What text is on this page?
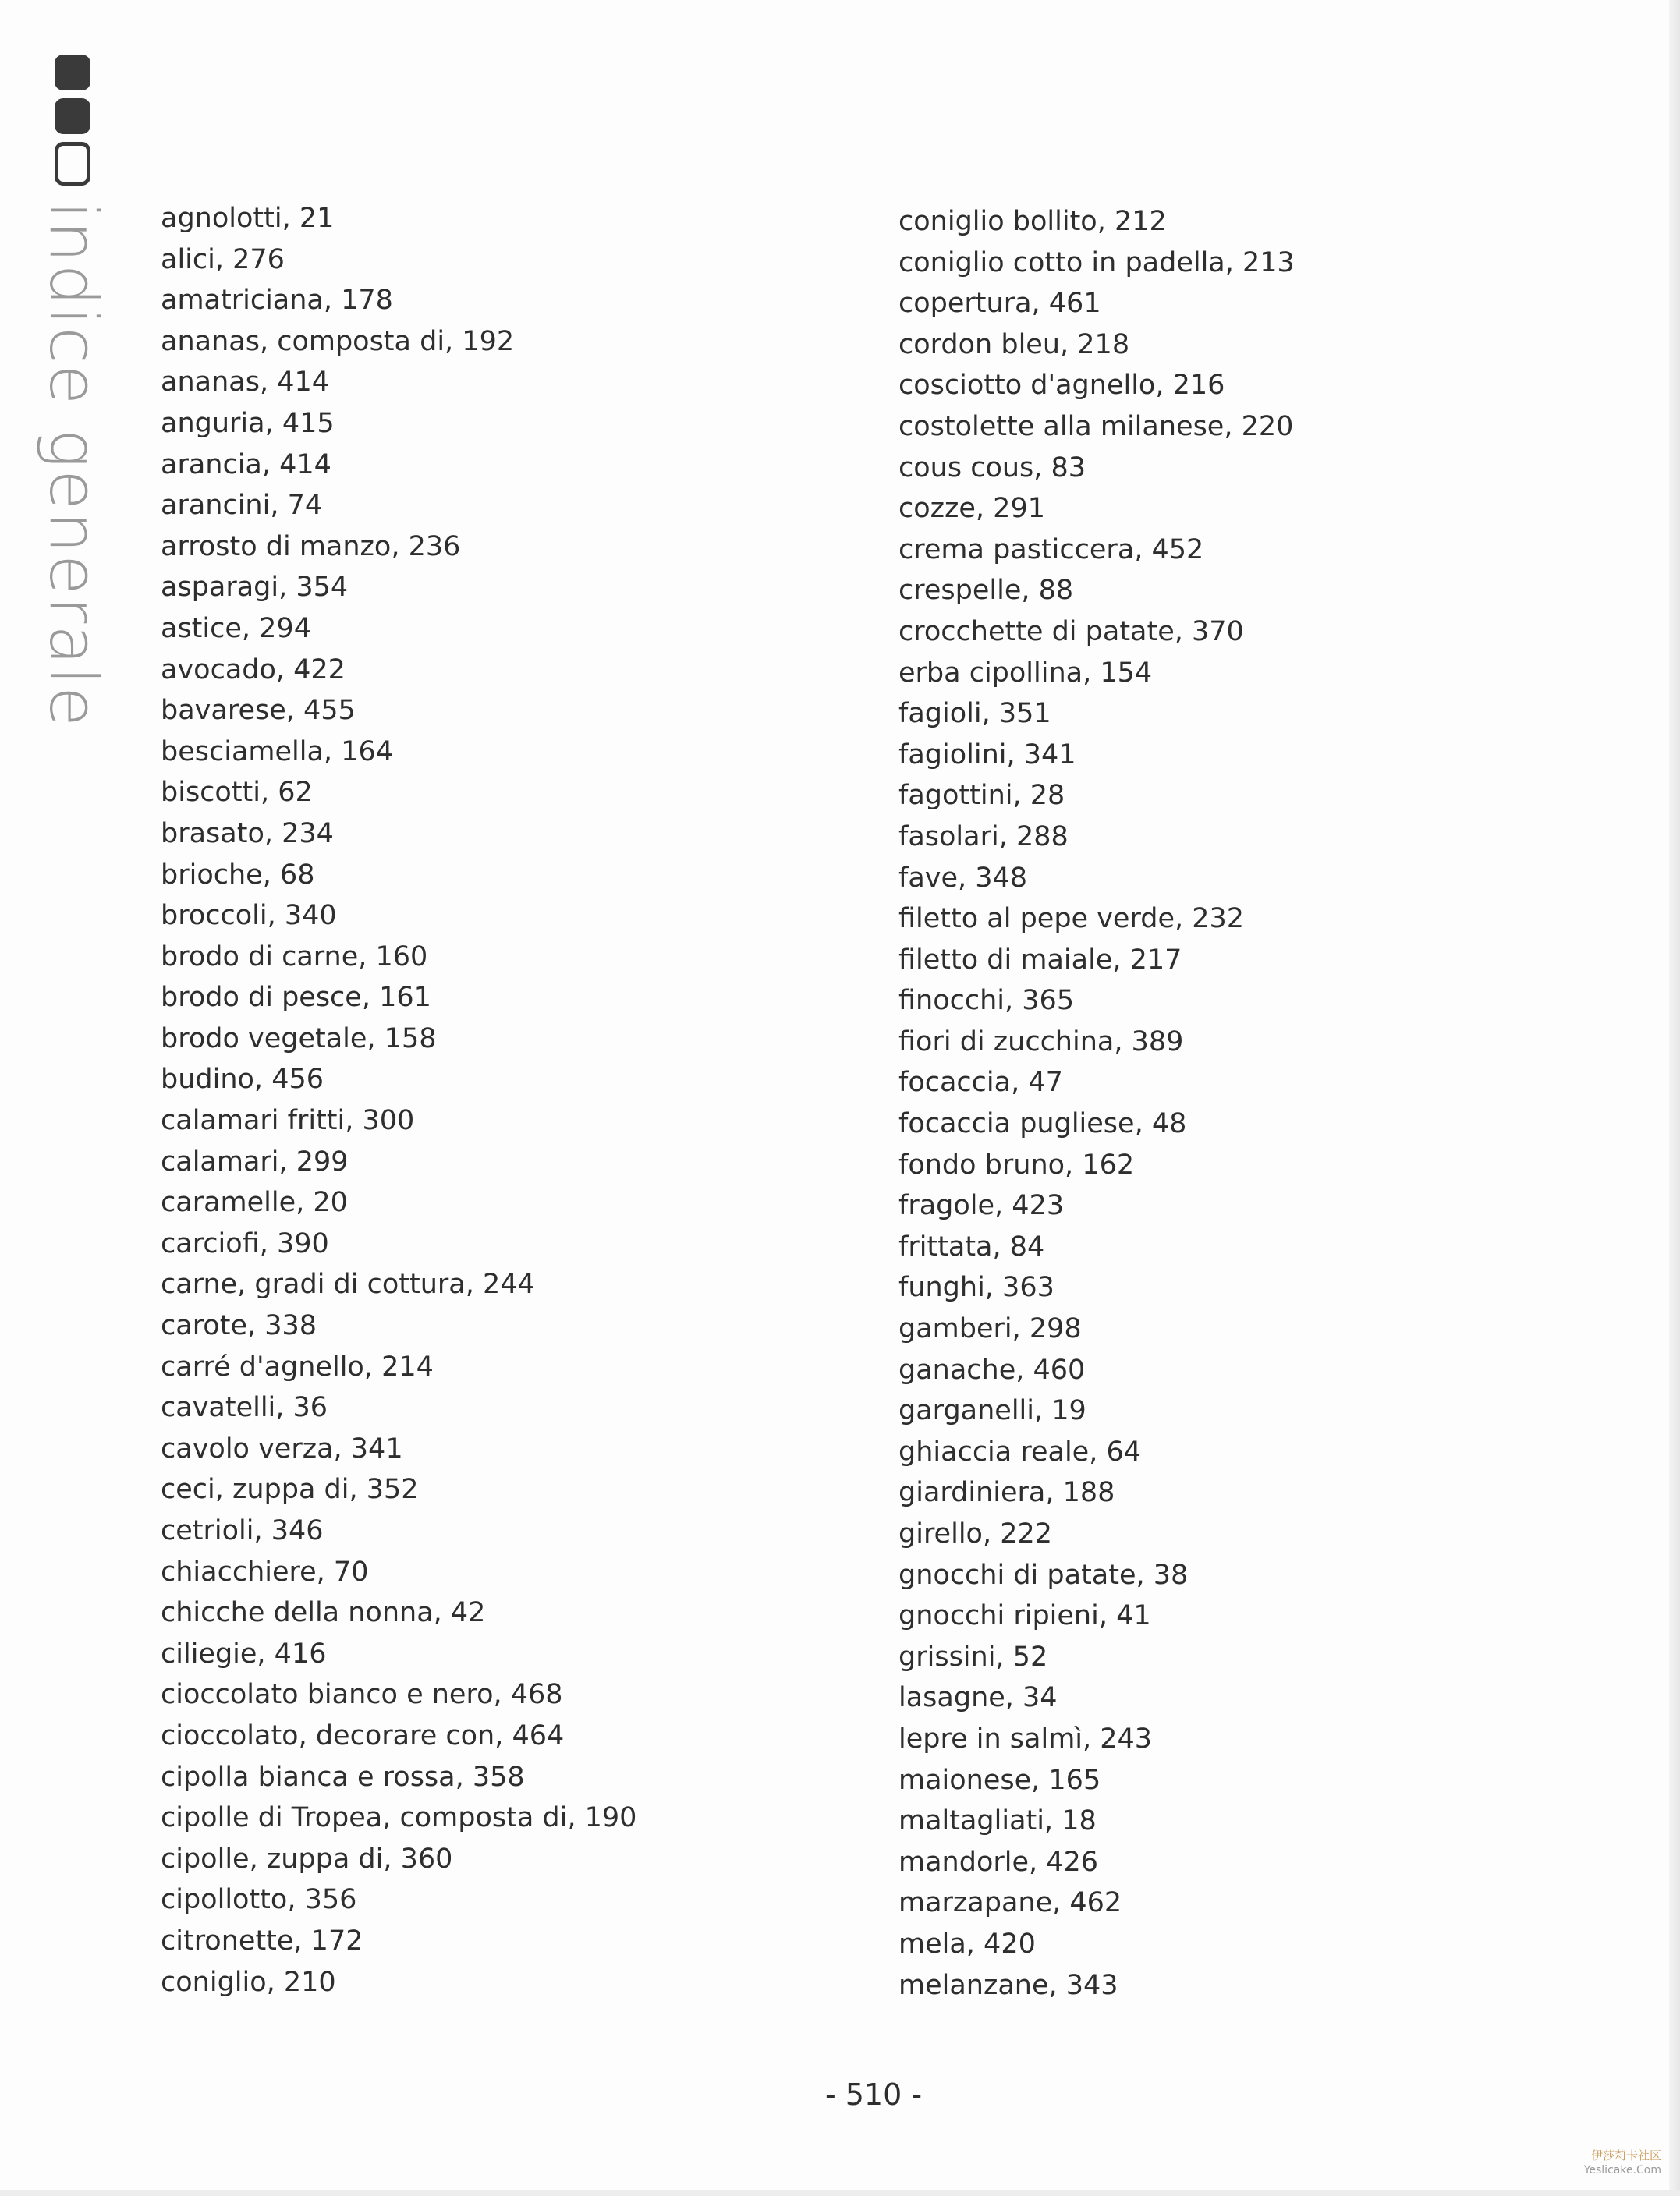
indice generale agnolotti, 21
alici, 276
amatriciana, 178
ananas, composta di, 192
ananas, 414
anguria, 415
arancia, 414
arancini, 74
arrosto di manzo, 236
asparagi, 354
astice, 294
avocado, 422
bavarese, 455
besciamella, 164
biscotti, 62
brasato, 234
brioche, 68
broccoli, 340
brodo di carne, 160
brodo di pesce, 161
brodo vegetale, 158
budino, 456
calamari fritti, 300
calamari, 299
caramelle, 20
carciofi, 390
carne, gradi di cottura, 244
carote, 338
carré d'agnello, 214
cavatelli, 36
cavolo verza, 341
ceci, zuppa di, 352
cetrioli, 346
chiacchiere, 70
chicche della nonna, 42
ciliegie, 416
cioccolato bianco e nero, 468
cioccolato, decorare con, 464
cipolla bianca e rossa, 358
cipolle di Tropea, composta di, 190
cipolle, zuppa di, 360
cipollotto, 356
citronette, 172
coniglio, 210
coniglio bollito, 212
coniglio cotto in padella, 213
copertura, 461
cordon bleu, 218
cosciotto d'agnello, 216
costolette alla milanese, 220
cous cous, 83
cozze, 291
crema pasticcera, 452
crespelle, 88
crocchette di patate, 370
erba cipollina, 154
fagioli, 351
fagiolini, 341
fagottini, 28
fasolari, 288
fave, 348
filetto al pepe verde, 232
filetto di maiale, 217
finocchi, 365
fiori di zucchina, 389
focaccia, 47
focaccia pugliese, 48
fondo bruno, 162
fragole, 423
frittata, 84
funghi, 363
gamberi, 298
ganache, 460
garganelli, 19
ghiaccia reale, 64
giardiniera, 188
girello, 222
gnocchi di patate, 38
gnocchi ripieni, 41
grissini, 52
lasagne, 34
lepre in salmì, 243
maionese, 165
maltagliati, 18
mandorle, 426
marzapane, 462
mela, 420
melanzane, 343
- 510 -
伊莎莉卡社区
Yeslicake.Com
